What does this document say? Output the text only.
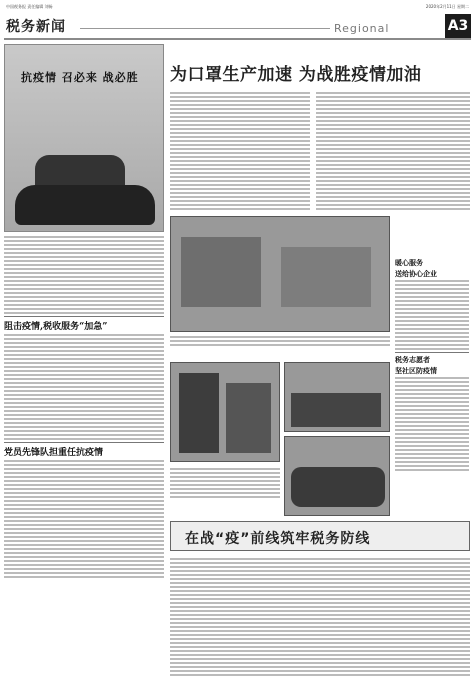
中国税务报 责任编辑 刘畅	2020年2月11日 星期二
税务新闻	Regional	A3
为口罩生产加速 为战胜疫情加油
抗疫情 召必来 战必胜
阻击疫情,税收服务“加急”
党员先锋队担重任抗疫情
暖心服务
送给协心企业
税务志愿者
坚社区防疫情
在战“疫”前线筑牢税务防线
